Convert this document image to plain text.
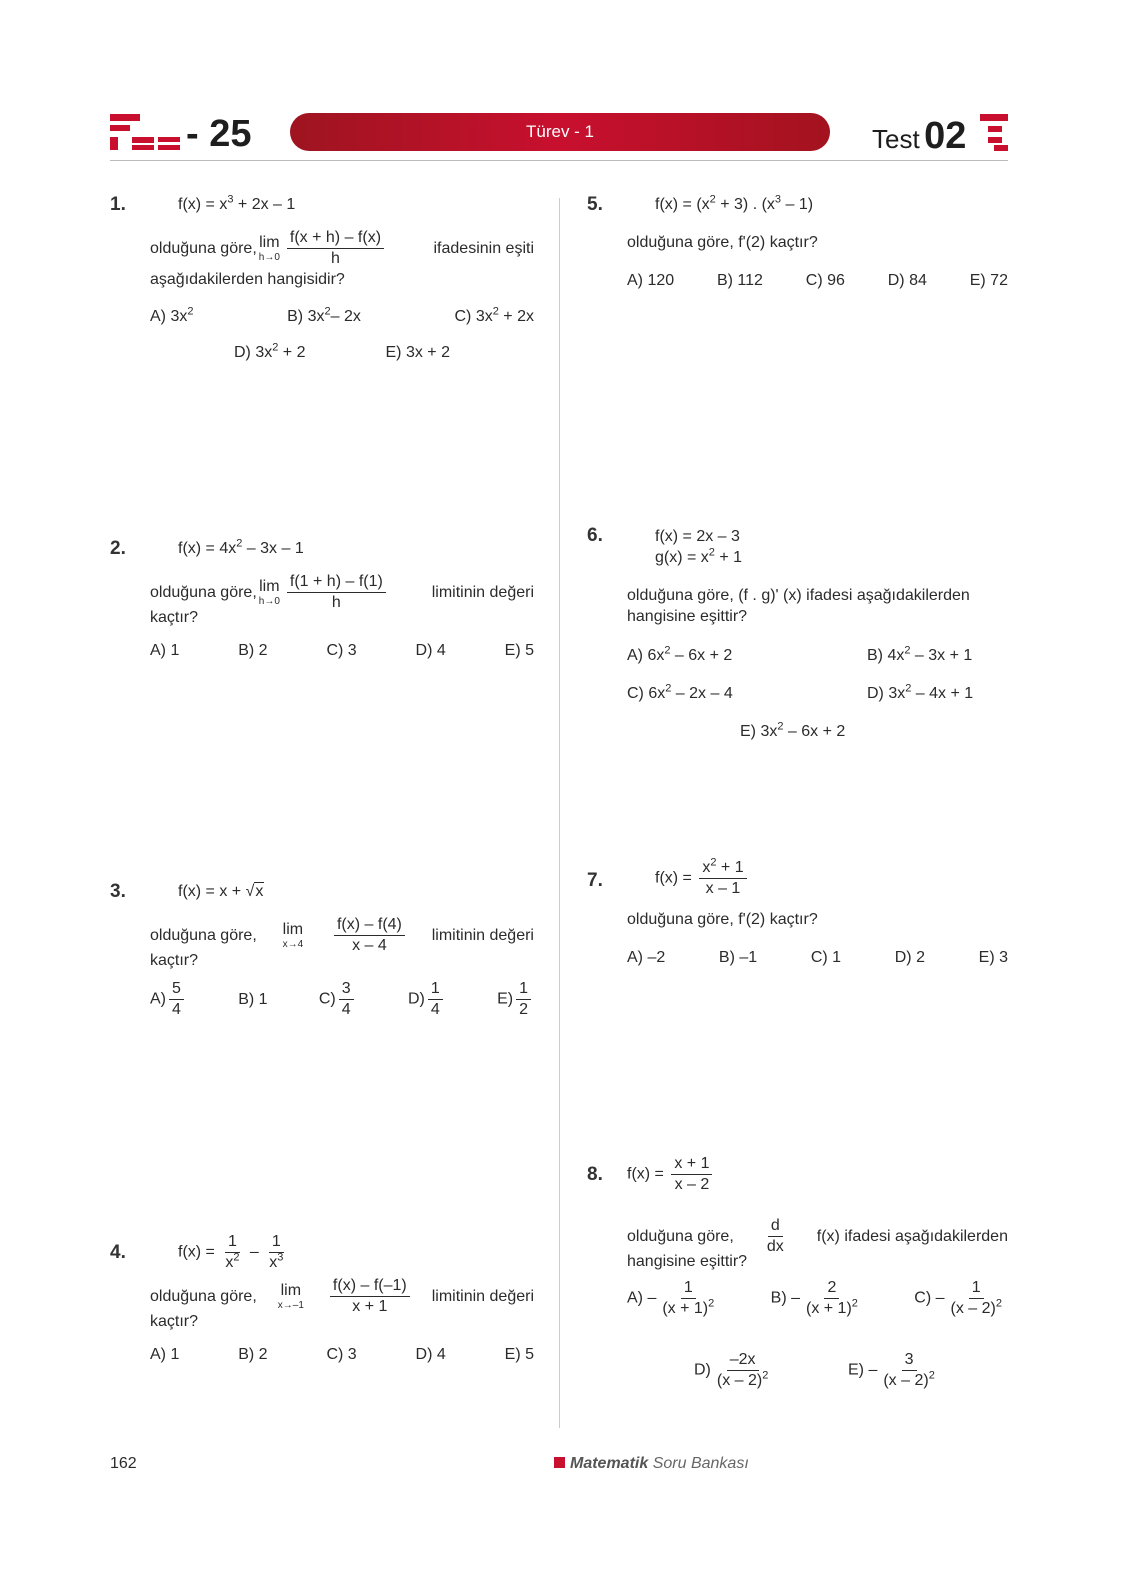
- 25	Türev - 1	Test 02
1.	$f(x) = x^3 + 2x - 1$
olduğuna göre, lim
$h\to 0 \frac{f(x + h) - f(x)}{h}$	ifadesinin eşiti
aşağıdakilerden hangisidir?
A) $3x^2$	B) $3x^2-$ 2x	C) $3x^2 + 2x$
D) $3x^2 + 2$	E) 3x + 2
2.	$f(x) = 4x^2 - 3x - 1$
olduğuna göre, lim
$h\to 0 \frac{f(1 + h) - f(1)}{h}$	limitinin değeri
kaçtır?
A) 1	B) 2	C) 3	D) 4	E) 5
3.	f(x) = x + √x
olduğuna göre, lim
$x\to 4 \frac{f(x) - f(4)}{x - 4}$ limitinin değeri
kaçtır?
$A) \frac{5}{4}$	B) 1	$C) \frac{3}{4}$	$D) \frac{1}{4}$	$E) \frac{1}{2}$
4.	$f(x) = \frac{1}{x^2} - \frac{1}{x^3}$
olduğuna göre, lim
$x\to-1 \frac{f(x) - f(-1)}{x + 1}$ limitinin değeri
kaçtır?
A) 1	B) 2	C) 3	D) 4	E) 5
5.	$f(x) = (x^2 + 3)$ . $(x^3 - 1)$
olduğuna göre, f'(2) kaçtır?
A) 120	B) 112	C) 96	D) 84	E) 72
6.	f(x) = 2x – 3
$g(x) = x^2 + 1$
olduğuna göre, (f . g)' (x) ifadesi aşağıdakilerden
hangisine eşittir?
A) $6x^2 - 6x + 2$	B) $4x^2 - 3x + 1$
C) $6x^2 - 2x - 4$	D) $3x^2 - 4x + 1$
E) $3x^2 - 6x + 2$
7.	$f(x) = \frac{x^2 + 1}{x - 1}$
olduğuna göre, f'(2) kaçtır?
A) –2	B) –1	C) 1	D) 2	E) 3
8. $f(x) = \frac{x + 1}{x - 2}$
olduğuna göre, $\frac{d}{dx} f(x)$ ifadesi aşağıdakilerden
hangisine eşittir?
$A) - \frac{1}{(x + 1)^2}$	$B) - \frac{2}{(x + 1)^2}$	$C) - \frac{1}{(x - 2)^2}$
$D) \frac{-2x}{(x - 2)^2}$	$E) - \frac{3}{(x - 2)^2}$
162	Matematik Soru Bankası
